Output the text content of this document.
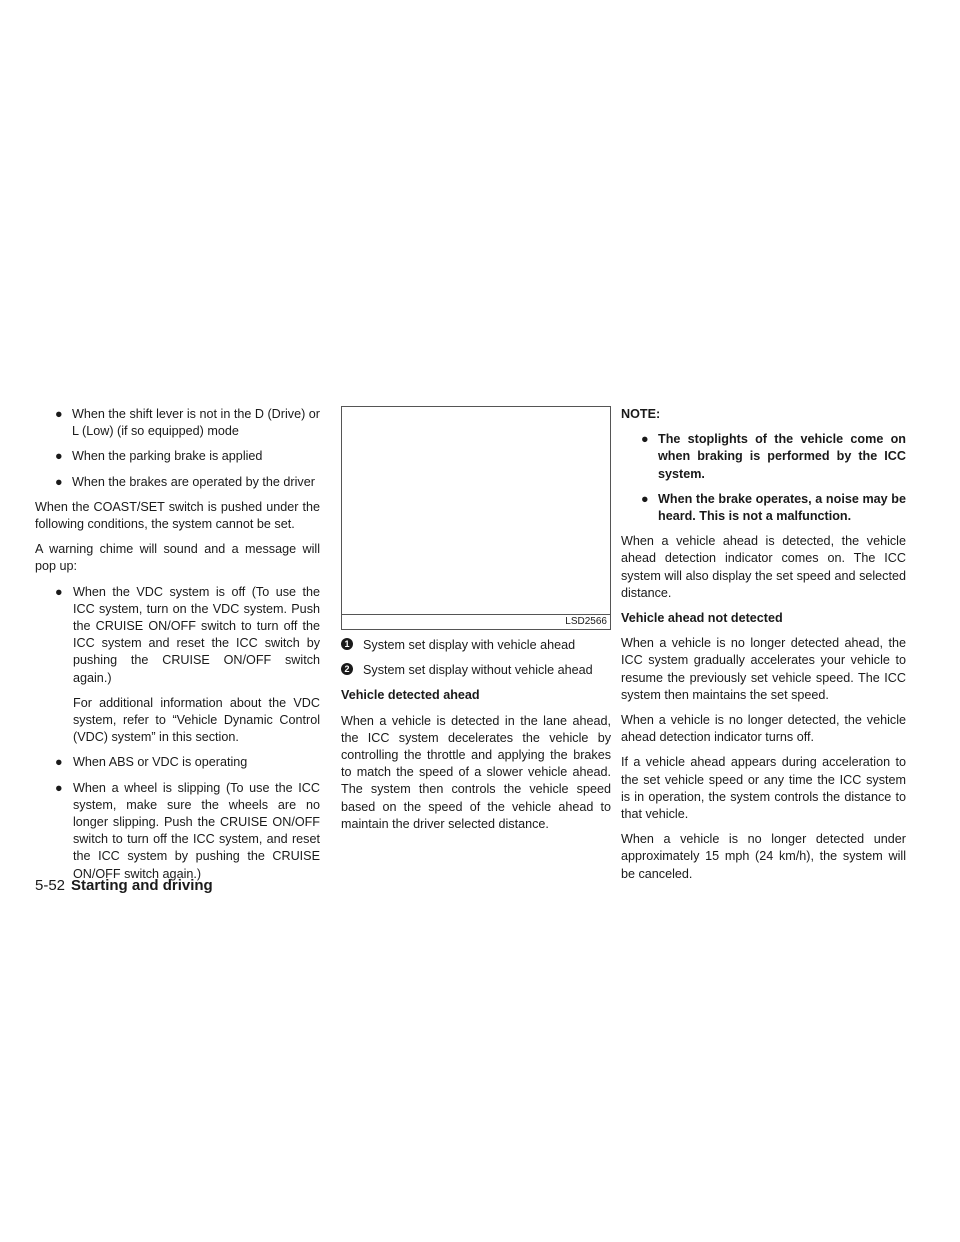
● When the shift lever is not in the D (Drive) or L (Low) (if so equipped) mode
● When the parking brake is applied
● When the brakes are operated by the driver

When the COAST/SET switch is pushed under the following conditions, the system cannot be set.

A warning chime will sound and a message will pop up:

● When the VDC system is off (To use the ICC system, turn on the VDC system. Push the CRUISE ON/OFF switch to turn off the ICC system and reset the ICC switch by pushing the CRUISE ON/OFF switch again.)

For additional information about the VDC system, refer to “Vehicle Dynamic Control (VDC) system” in this section.

● When ABS or VDC is operating
● When a wheel is slipping (To use the ICC system, make sure the wheels are no longer slipping. Push the CRUISE ON/OFF switch to turn off the ICC system, and reset the ICC system by pushing the CRUISE ON/OFF switch again.)
LSD2566
1 System set display with vehicle ahead
2 System set display without vehicle ahead
Vehicle detected ahead

When a vehicle is detected in the lane ahead, the ICC system decelerates the vehicle by controlling the throttle and applying the brakes to match the speed of a slower vehicle ahead. The system then controls the vehicle speed based on the speed of the vehicle ahead to maintain the driver selected distance.

NOTE:
● The stoplights of the vehicle come on when braking is performed by the ICC system.
● When the brake operates, a noise may be heard. This is not a malfunction.

When a vehicle ahead is detected, the vehicle ahead detection indicator comes on. The ICC system will also display the set speed and selected distance.

Vehicle ahead not detected

When a vehicle is no longer detected ahead, the ICC system gradually accelerates your vehicle to resume the previously set vehicle speed. The ICC system then maintains the set speed.

When a vehicle is no longer detected, the vehicle ahead detection indicator turns off.

If a vehicle ahead appears during acceleration to the set vehicle speed or any time the ICC system is in operation, the system controls the distance to that vehicle.

When a vehicle is no longer detected under approximately 15 mph (24 km/h), the system will be canceled.

5-52 Starting and driving
